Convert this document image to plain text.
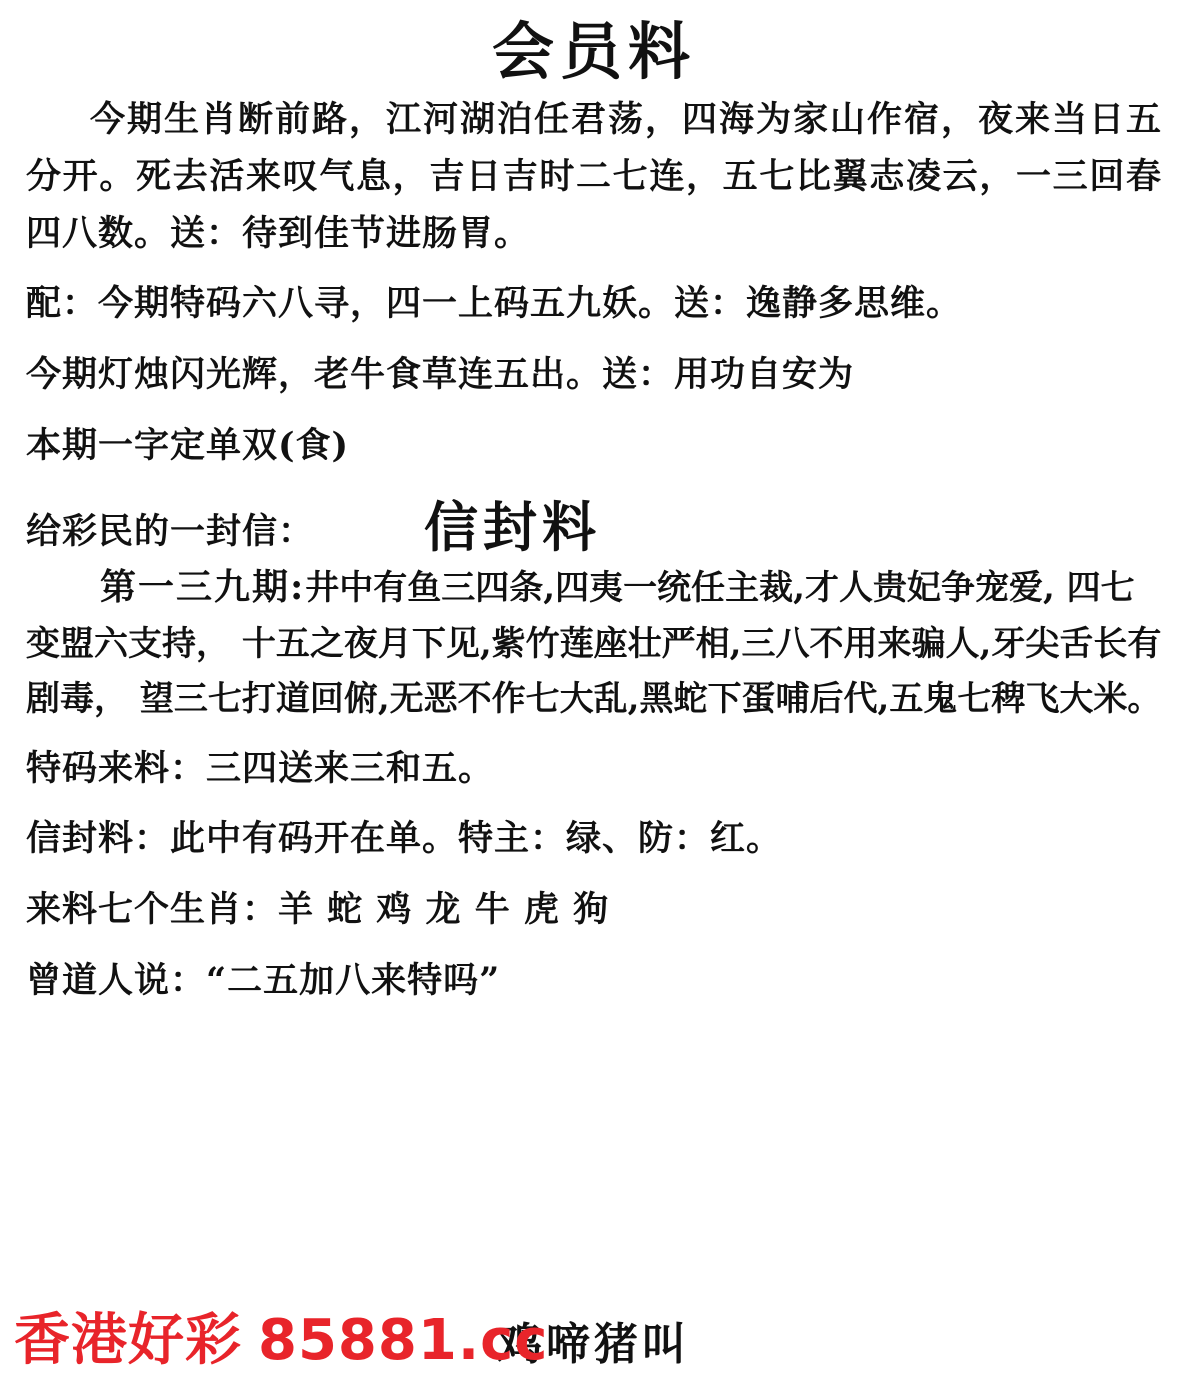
会员料
今期生肖断前路，江河湖泊任君荡，四海为家山作宿，夜来当日五分开。死去活来叹气息，吉日吉时二七连，五七比翼志凌云，一三回春四八数。送：待到佳节进肠胃。
配：今期特码六八寻，四一上码五九妖。送：逸静多思维。
今期灯烛闪光辉，老牛食草连五出。送：用功自安为
本期一字定单双(食)
给彩民的一封信： 信封料
第一三九期:井中有鱼三四条,四夷一统任主裁,才人贵妃争宠爱, 四七变盟六支持， 十五之夜月下见,紫竹莲座壮严相,三八不用来骗人,牙尖舌长有剧毒， 望三七打道回俯,无恶不作七大乱,黑蛇下蛋哺后代,五鬼七稗飞大米。
特码来料：三四送来三和五。
信封料：此中有码开在单。特主：绿、防：红。
来料七个生肖：羊 蛇 鸡 龙 牛 虎 狗
曾道人说：“二五加八来特吗”
鸡啼猪叫
香港好彩 85881.cc
